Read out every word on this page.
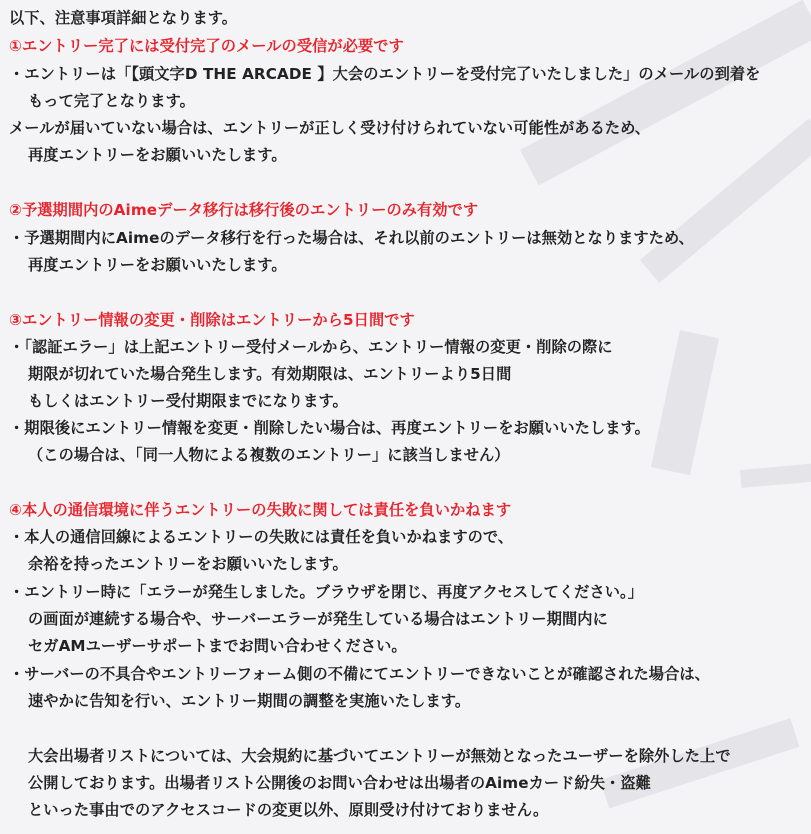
以下、注意事項詳細となります。
①エントリー完了には受付完了のメールの受信が必要です
・エントリーは「【頭文字D THE ARCADE 】大会のエントリーを受付完了いたしました」のメールの到着を
もって完了となります。
メールが届いていない場合は、エントリーが正しく受け付けられていない可能性があるため、
再度エントリーをお願いいたします。
②予選期間内のAimeデータ移行は移行後のエントリーのみ有効です
・予選期間内にAimeのデータ移行を行った場合は、それ以前のエントリーは無効となりますため、
再度エントリーをお願いいたします。
③エントリー情報の変更・削除はエントリーから5日間です
・「認証エラー」は上記エントリー受付メールから、エントリー情報の変更・削除の際に
期限が切れていた場合発生します。有効期限は、エントリーより5日間
もしくはエントリー受付期限までになります。
・期限後にエントリー情報を変更・削除したい場合は、再度エントリーをお願いいたします。
（この場合は、「同一人物による複数のエントリー」に該当しません）
④本人の通信環境に伴うエントリーの失敗に関しては責任を負いかねます
・本人の通信回線によるエントリーの失敗には責任を負いかねますので、
余裕を持ったエントリーをお願いいたします。
・エントリー時に「エラーが発生しました。ブラウザを閉じ、再度アクセスしてください。」
の画面が連続する場合や、サーバーエラーが発生している場合はエントリー期間内に
セガAMユーザーサポートまでお問い合わせください。
・サーバーの不具合やエントリーフォーム側の不備にてエントリーできないことが確認された場合は、
速やかに告知を行い、エントリー期間の調整を実施いたします。
大会出場者リストについては、大会規約に基づいてエントリーが無効となったユーザーを除外した上で
公開しております。出場者リスト公開後のお問い合わせは出場者のAimeカード紛失・盗難
といった事由でのアクセスコードの変更以外、原則受け付けておりません。
